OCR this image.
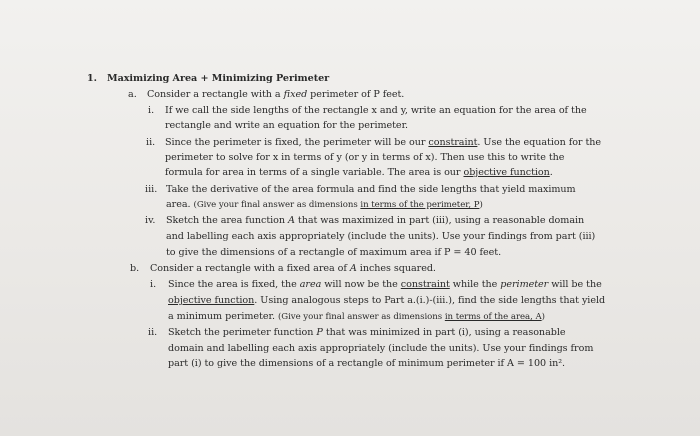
1. Maximizing Area + Minimizing Perimeter
a. Consider a rectangle with a fixed perimeter of P feet.
i. If we call the side lengths of the rectangle x and y, write an equation for the area of the
rectangle and write an equation for the perimeter.
ii. Since the perimeter is fixed, the perimeter will be our constraint. Use the equation for the
perimeter to solve for x in terms of y (or y in terms of x). Then use this to write the
formula for area in terms of a single variable. The area is our objective function.
iii. Take the derivative of the area formula and find the side lengths that yield maximum
area. (Give your final answer as dimensions in terms of the perimeter, P)
iv. Sketch the area function A that was maximized in part (iii), using a reasonable domain
and labelling each axis appropriately (include the units). Use your findings from part (iii)
to give the dimensions of a rectangle of maximum area if P = 40 feet.
b. Consider a rectangle with a fixed area of A inches squared.
i. Since the area is fixed, the area will now be the constraint while the perimeter will be the
objective function. Using analogous steps to Part a.(i.)-(iii.), find the side lengths that yield
a minimum perimeter. (Give your final answer as dimensions in terms of the area, A)
ii. Sketch the perimeter function P that was minimized in part (i), using a reasonable
domain and labelling each axis appropriately (include the units). Use your findings from
part (i) to give the dimensions of a rectangle of minimum perimeter if A = 100 in².
